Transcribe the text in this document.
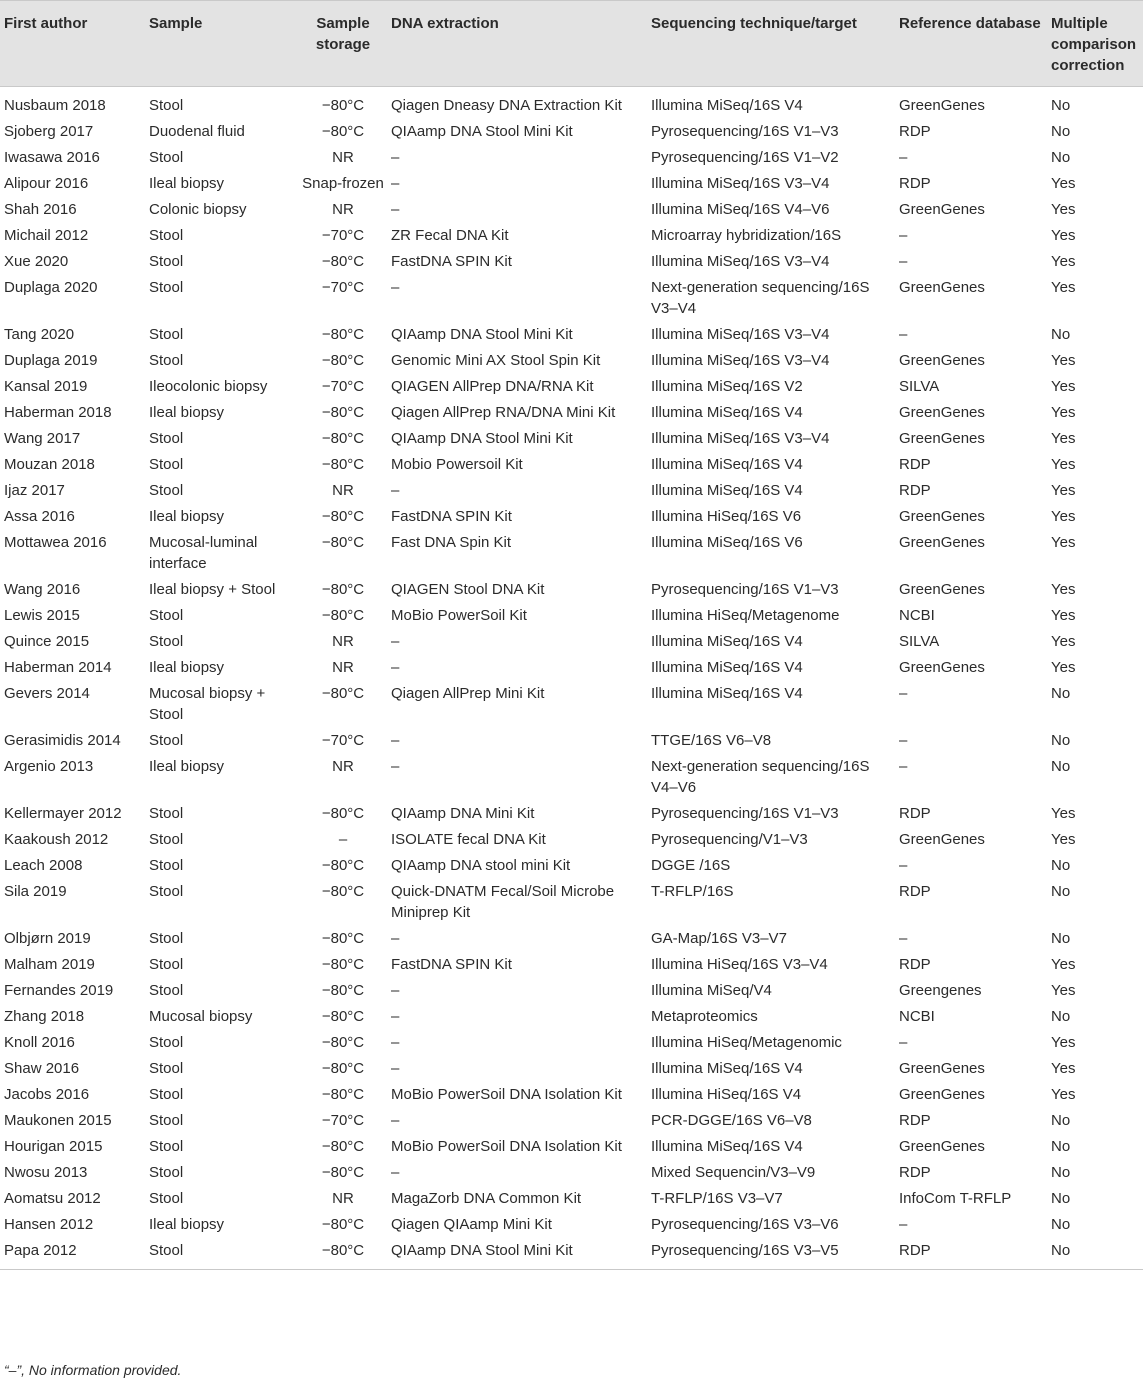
First author	Sample	Sample storage	DNA extraction	Sequencing technique/target	Reference database	Multiple comparison correction
Nusbaum 2018	Stool	−80°C	Qiagen Dneasy DNA Extraction Kit	Illumina MiSeq/16S V4	GreenGenes	No
Sjoberg 2017	Duodenal fluid	−80°C	QIAamp DNA Stool Mini Kit	Pyrosequencing/16S V1–V3	RDP	No
Iwasawa 2016	Stool	NR	–	Pyrosequencing/16S V1–V2	–	No
Alipour 2016	Ileal biopsy	Snap-frozen	–	Illumina MiSeq/16S V3–V4	RDP	Yes
Shah 2016	Colonic biopsy	NR	–	Illumina MiSeq/16S V4–V6	GreenGenes	Yes
Michail 2012	Stool	−70°C	ZR Fecal DNA Kit	Microarray hybridization/16S	–	Yes
Xue 2020	Stool	−80°C	FastDNA SPIN Kit	Illumina MiSeq/16S V3–V4	–	Yes
Duplaga 2020	Stool	−70°C	–	Next-generation sequencing/16S V3–V4	GreenGenes	Yes
Tang 2020	Stool	−80°C	QIAamp DNA Stool Mini Kit	Illumina MiSeq/16S V3–V4	–	No
Duplaga 2019	Stool	−80°C	Genomic Mini AX Stool Spin Kit	Illumina MiSeq/16S V3–V4	GreenGenes	Yes
Kansal 2019	Ileocolonic biopsy	−70°C	QIAGEN AllPrep DNA/RNA Kit	Illumina MiSeq/16S V2	SILVA	Yes
Haberman 2018	Ileal biopsy	−80°C	Qiagen AllPrep RNA/DNA Mini Kit	Illumina MiSeq/16S V4	GreenGenes	Yes
Wang 2017	Stool	−80°C	QIAamp DNA Stool Mini Kit	Illumina MiSeq/16S V3–V4	GreenGenes	Yes
Mouzan 2018	Stool	−80°C	Mobio Powersoil Kit	Illumina MiSeq/16S V4	RDP	Yes
Ijaz 2017	Stool	NR	–	Illumina MiSeq/16S V4	RDP	Yes
Assa 2016	Ileal biopsy	−80°C	FastDNA SPIN Kit	Illumina HiSeq/16S V6	GreenGenes	Yes
Mottawea 2016	Mucosal-luminal interface	−80°C	Fast DNA Spin Kit	Illumina MiSeq/16S V6	GreenGenes	Yes
Wang 2016	Ileal biopsy + Stool	−80°C	QIAGEN Stool DNA Kit	Pyrosequencing/16S V1–V3	GreenGenes	Yes
Lewis 2015	Stool	−80°C	MoBio PowerSoil Kit	Illumina HiSeq/Metagenome	NCBI	Yes
Quince 2015	Stool	NR	–	Illumina MiSeq/16S V4	SILVA	Yes
Haberman 2014	Ileal biopsy	NR	–	Illumina MiSeq/16S V4	GreenGenes	Yes
Gevers 2014	Mucosal biopsy + Stool	−80°C	Qiagen AllPrep Mini Kit	Illumina MiSeq/16S V4	–	No
Gerasimidis 2014	Stool	−70°C	–	TTGE/16S V6–V8	–	No
Argenio 2013	Ileal biopsy	NR	–	Next-generation sequencing/16S V4–V6	–	No
Kellermayer 2012	Stool	−80°C	QIAamp DNA Mini Kit	Pyrosequencing/16S V1–V3	RDP	Yes
Kaakoush 2012	Stool	–	ISOLATE fecal DNA Kit	Pyrosequencing/V1–V3	GreenGenes	Yes
Leach 2008	Stool	−80°C	QIAamp DNA stool mini Kit	DGGE /16S	–	No
Sila 2019	Stool	−80°C	Quick-DNATM Fecal/Soil Microbe Miniprep Kit	T-RFLP/16S	RDP	No
Olbjørn 2019	Stool	−80°C	–	GA-Map/16S V3–V7	–	No
Malham 2019	Stool	−80°C	FastDNA SPIN Kit	Illumina HiSeq/16S V3–V4	RDP	Yes
Fernandes 2019	Stool	−80°C	–	Illumina MiSeq/V4	Greengenes	Yes
Zhang 2018	Mucosal biopsy	−80°C	–	Metaproteomics	NCBI	No
Knoll 2016	Stool	−80°C	–	Illumina HiSeq/Metagenomic	–	Yes
Shaw 2016	Stool	−80°C	–	Illumina MiSeq/16S V4	GreenGenes	Yes
Jacobs 2016	Stool	−80°C	MoBio PowerSoil DNA Isolation Kit	Illumina HiSeq/16S V4	GreenGenes	Yes
Maukonen 2015	Stool	−70°C	–	PCR-DGGE/16S V6–V8	RDP	No
Hourigan 2015	Stool	−80°C	MoBio PowerSoil DNA Isolation Kit	Illumina MiSeq/16S V4	GreenGenes	No
Nwosu 2013	Stool	−80°C	–	Mixed Sequencin/V3–V9	RDP	No
Aomatsu 2012	Stool	NR	MagaZorb DNA Common Kit	T-RFLP/16S V3–V7	InfoCom T-RFLP	No
Hansen 2012	Ileal biopsy	−80°C	Qiagen QIAamp Mini Kit	Pyrosequencing/16S V3–V6	–	No
Papa 2012	Stool	−80°C	QIAamp DNA Stool Mini Kit	Pyrosequencing/16S V3–V5	RDP	No
“–”, No information provided.
